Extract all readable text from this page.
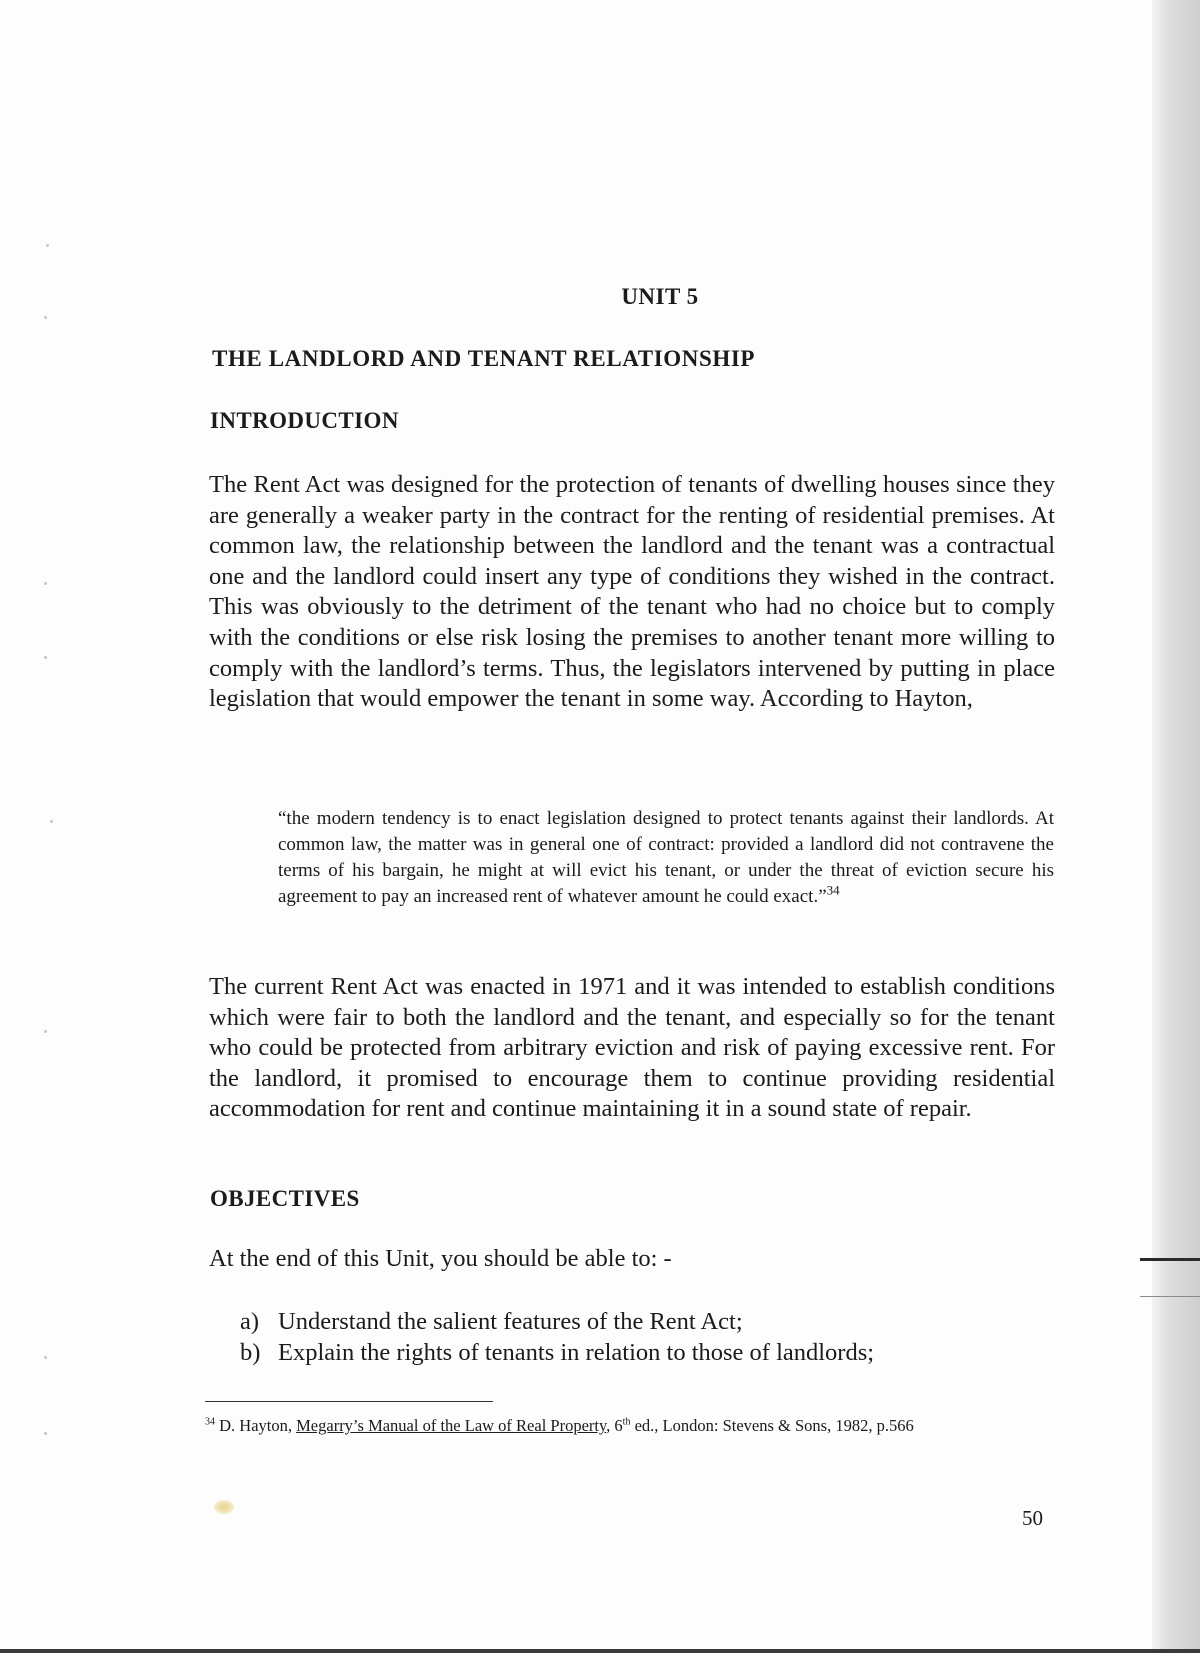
UNIT 5
THE LANDLORD AND TENANT RELATIONSHIP
INTRODUCTION

The Rent Act was designed for the protection of tenants of dwelling houses since they are generally a weaker party in the contract for the renting of residential premises. At common law, the relationship between the landlord and the tenant was a contractual one and the landlord could insert any type of conditions they wished in the contract. This was obviously to the detriment of the tenant who had no choice but to comply with the conditions or else risk losing the premises to another tenant more willing to comply with the landlord’s terms. Thus, the legislators intervened by putting in place legislation that would empower the tenant in some way. According to Hayton,

“the modern tendency is to enact legislation designed to protect tenants against their landlords. At common law, the matter was in general one of contract: provided a landlord did not contravene the terms of his bargain, he might at will evict his tenant, or under the threat of eviction secure his agreement to pay an increased rent of whatever amount he could exact.”$^{34}$

The current Rent Act was enacted in 1971 and it was intended to establish conditions which were fair to both the landlord and the tenant, and especially so for the tenant who could be protected from arbitrary eviction and risk of paying excessive rent. For the landlord, it promised to encourage them to continue providing residential accommodation for rent and continue maintaining it in a sound state of repair.

OBJECTIVES

At the end of this Unit, you should be able to: -

a) Understand the salient features of the Rent Act;
b) Explain the rights of tenants in relation to those of landlords;

$^{34}$ D. Hayton, Megarry’s Manual of the Law of Real Property, 6th ed., London: Stevens & Sons, 1982, p.566

50
